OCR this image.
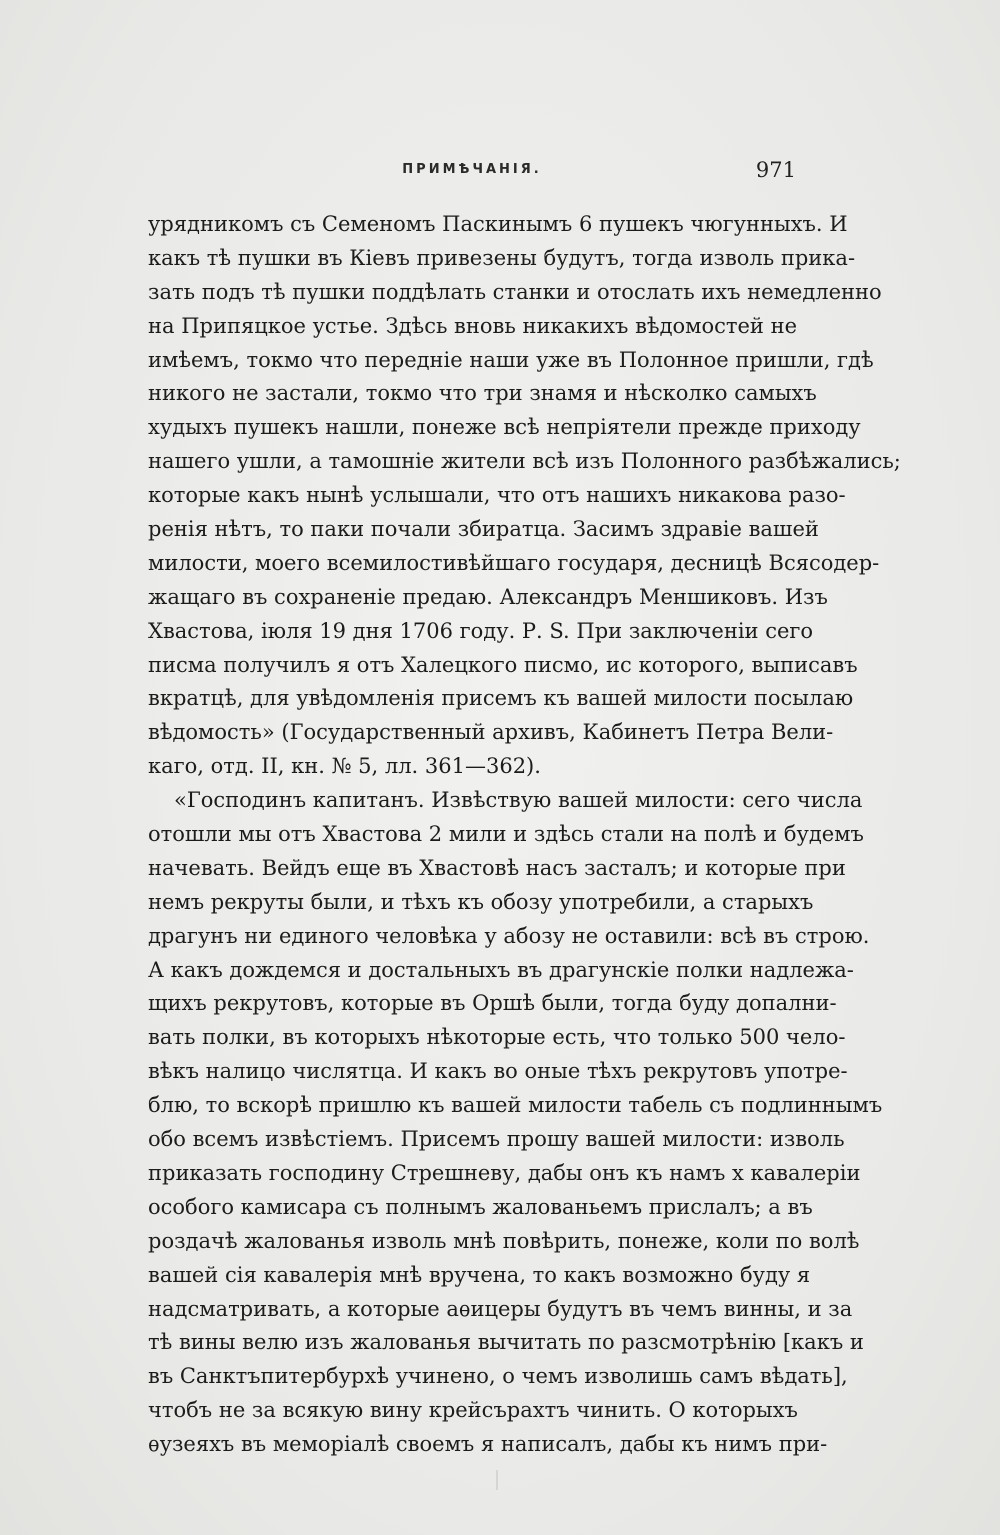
ПРИМѢЧАНІЯ.	971
урядникомъ съ Семеномъ Паскинымъ 6 пушекъ чюгунныхъ. И
какъ тѣ пушки въ Кіевъ привезены будутъ, тогда изволь прика-
зать подъ тѣ пушки поддѣлать станки и отослать ихъ немедленно
на Припяцкое устье. Здѣсь вновь никакихъ вѣдомостей не
имѣемъ, токмо что передніе наши уже въ Полонное пришли, гдѣ
никого не застали, токмо что три знамя и нѣсколко самыхъ
худыхъ пушекъ нашли, понеже всѣ непріятели прежде приходу
нашего ушли, а тамошніе жители всѣ изъ Полонного разбѣжались;
которые какъ нынѣ услышали, что отъ нашихъ никакова разо-
ренія нѣтъ, то паки почали збиратца. Засимъ здравіе вашей
милости, моего всемилостивѣйшаго государя, десницѣ Всясодер-
жащаго въ сохраненіе предаю. Александръ Меншиковъ. Изъ
Хвастова, іюля 19 дня 1706 году. Р. S. При заключеніи сего
писма получилъ я отъ Халецкого писмо, ис которого, выписавъ
вкратцѣ, для увѣдомленія присемъ къ вашей милости посылаю
вѣдомость» (Государственный архивъ, Кабинетъ Петра Вели-
каго, отд. II, кн. № 5, лл. 361—362).
«Господинъ капитанъ. Извѣствую вашей милости: сего числа
отошли мы отъ Хвастова 2 мили и здѣсь стали на полѣ и будемъ
начевать. Вейдъ еще въ Хвастовѣ насъ засталъ; и которые при
немъ рекруты были, и тѣхъ къ обозу употребили, а старыхъ
драгунъ ни единого человѣка у абозу не оставили: всѣ въ строю.
А какъ дождемся и достальныхъ въ драгунскіе полки надлежа-
щихъ рекрутовъ, которые въ Оршѣ были, тогда буду допални-
вать полки, въ которыхъ нѣкоторые есть, что только 500 чело-
вѣкъ налицо числятца. И какъ во оные тѣхъ рекрутовъ употре-
блю, то вскорѣ пришлю къ вашей милости табель съ подлиннымъ
обо всемъ извѣстіемъ. Присемъ прошу вашей милости: изволь
приказать господину Стрешневу, дабы онъ къ намъ х кавалеріи
особого камисара съ полнымъ жалованьемъ прислалъ; а въ
роздачѣ жалованья изволь мнѣ повѣрить, понеже, коли по волѣ
вашей сія кавалерія мнѣ вручена, то какъ возможно буду я
надсматривать, а которые аѳицеры будутъ въ чемъ винны, и за
тѣ вины велю изъ жалованья вычитать по разсмотрѣнію [какъ и
въ Санктъпитербурхѣ учинено, о чемъ изволишь самъ вѣдать],
чтобъ не за всякую вину крейсърахтъ чинить. О которыхъ
ѳузеяхъ въ меморіалѣ своемъ я написалъ, дабы къ нимъ при-
